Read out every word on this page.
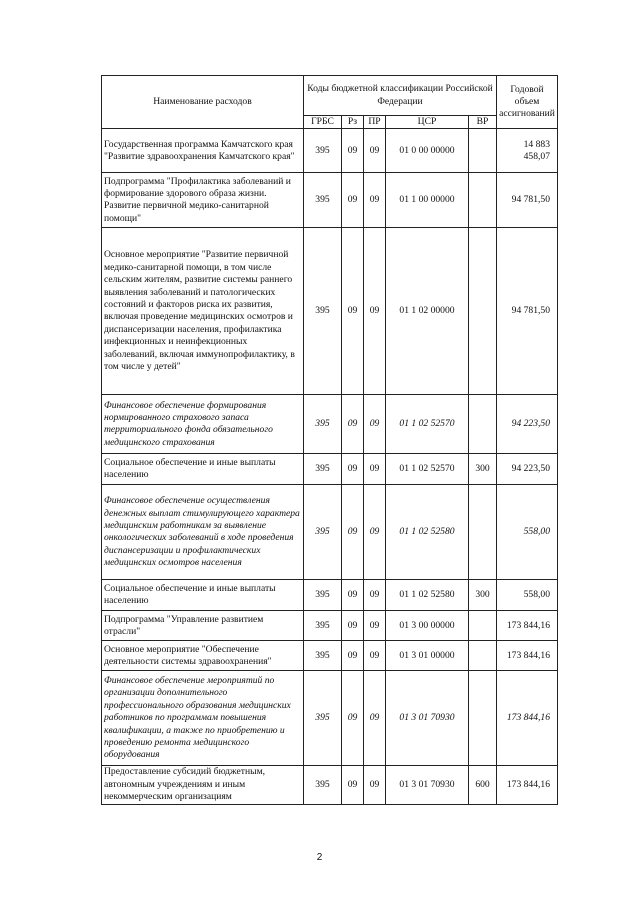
Наименование расходов	Коды бюджетной классификации Российской Федерации					Годовой объем ассигнований
	ГРБС	Рз	ПР	ЦСР	ВР	
Государственная программа Камчатского края "Развитие здравоохранения Камчатского края"	395	09	09	01 0 00 00000		14 883 458,07
Подпрограмма "Профилактика заболеваний и формирование здорового образа жизни. Развитие первичной медико-санитарной помощи"	395	09	09	01 1 00 00000		94 781,50
Основное мероприятие "Развитие первичной медико-санитарной помощи, в том числе сельским жителям, развитие системы раннего выявления заболеваний и патологических состояний и факторов риска их развития, включая проведение медицинских осмотров и диспансеризации населения, профилактика инфекционных и неинфекционных заболеваний, включая иммунопрофилактику, в том числе у детей"	395	09	09	01 1 02 00000		94 781,50
Финансовое обеспечение формирования нормированного страхового запаса территориального фонда обязательного медицинского страхования	395	09	09	01 1 02 52570		94 223,50
Социальное обеспечение и иные выплаты населению	395	09	09	01 1 02 52570	300	94 223,50
Финансовое обеспечение осуществления денежных выплат стимулирующего характера медицинским работникам за выявление онкологических заболеваний в ходе проведения диспансеризации и профилактических медицинских осмотров населения	395	09	09	01 1 02 52580		558,00
Социальное обеспечение и иные выплаты населению	395	09	09	01 1 02 52580	300	558,00
Подпрограмма "Управление развитием отрасли"	395	09	09	01 3 00 00000		173 844,16
Основное мероприятие "Обеспечение деятельности системы здравоохранения"	395	09	09	01 3 01 00000		173 844,16
Финансовое обеспечение мероприятий по организации дополнительного профессионального образования медицинских работников по программам повышения квалификации, а также по приобретению и проведению ремонта медицинского оборудования	395	09	09	01 3 01 70930		173 844,16
Предоставление субсидий бюджетным, автономным учреждениям и иным некоммерческим организациям	395	09	09	01 3 01 70930	600	173 844,16
2
